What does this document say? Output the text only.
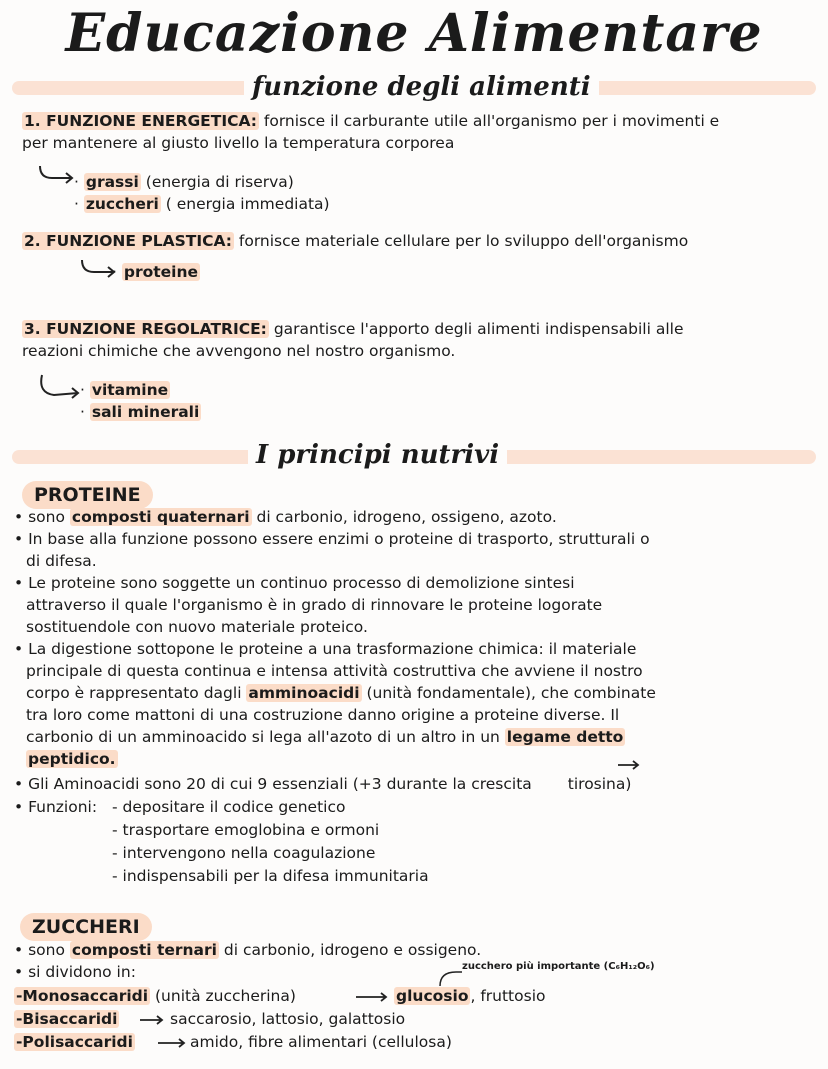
Educazione Alimentare
funzione degli alimenti
1. FUNZIONE ENERGETICA: fornisce il carburante utile all'organismo per i movimenti e
per mantenere al giusto livello la temperatura corporea
· grassi (energia di riserva)
· zuccheri ( energia immediata)
2. FUNZIONE PLASTICA: fornisce materiale cellulare per lo sviluppo dell'organismo
· proteine
3. FUNZIONE REGOLATRICE: garantisce l'apporto degli alimenti indispensabili alle
reazioni chimiche che avvengono nel nostro organismo.
· vitamine
· sali minerali
I principi nutrivi
PROTEINE
• sono composti quaternari di carbonio, idrogeno, ossigeno, azoto.
• In base alla funzione possono essere enzimi o proteine di trasporto, strutturali o
di difesa.
• Le proteine sono soggette un continuo processo di demolizione sintesi
attraverso il quale l'organismo è in grado di rinnovare le proteine logorate
sostituendole con nuovo materiale proteico.
• La digestione sottopone le proteine a una trasformazione chimica: il materiale
principale di questa continua e intensa attività costruttiva che avviene il nostro
corpo è rappresentato dagli amminoacidi (unità fondamentale), che combinate
tra loro come mattoni di una costruzione danno origine a proteine diverse. Il
carbonio di un amminoacido si lega all'azoto di un altro in un legame detto
peptidico.
• Gli Aminoacidi sono 20 di cui 9 essenziali (+3 durante la crescita tirosina)
• Funzioni: - depositare il codice genetico
- trasportare emoglobina e ormoni
- intervengono nella coagulazione
- indispensabili per la difesa immunitaria
ZUCCHERI
• sono composti ternari di carbonio, idrogeno e ossigeno.
• si dividono in:	zucchero più importante (C₆H₁₂O₆)
-Monosaccaridi (unità zuccherina)	glucosio , fruttosio
-Bisaccaridi	saccarosio, lattosio, galattosio
-Polisaccaridi	amido, fibre alimentari (cellulosa)
